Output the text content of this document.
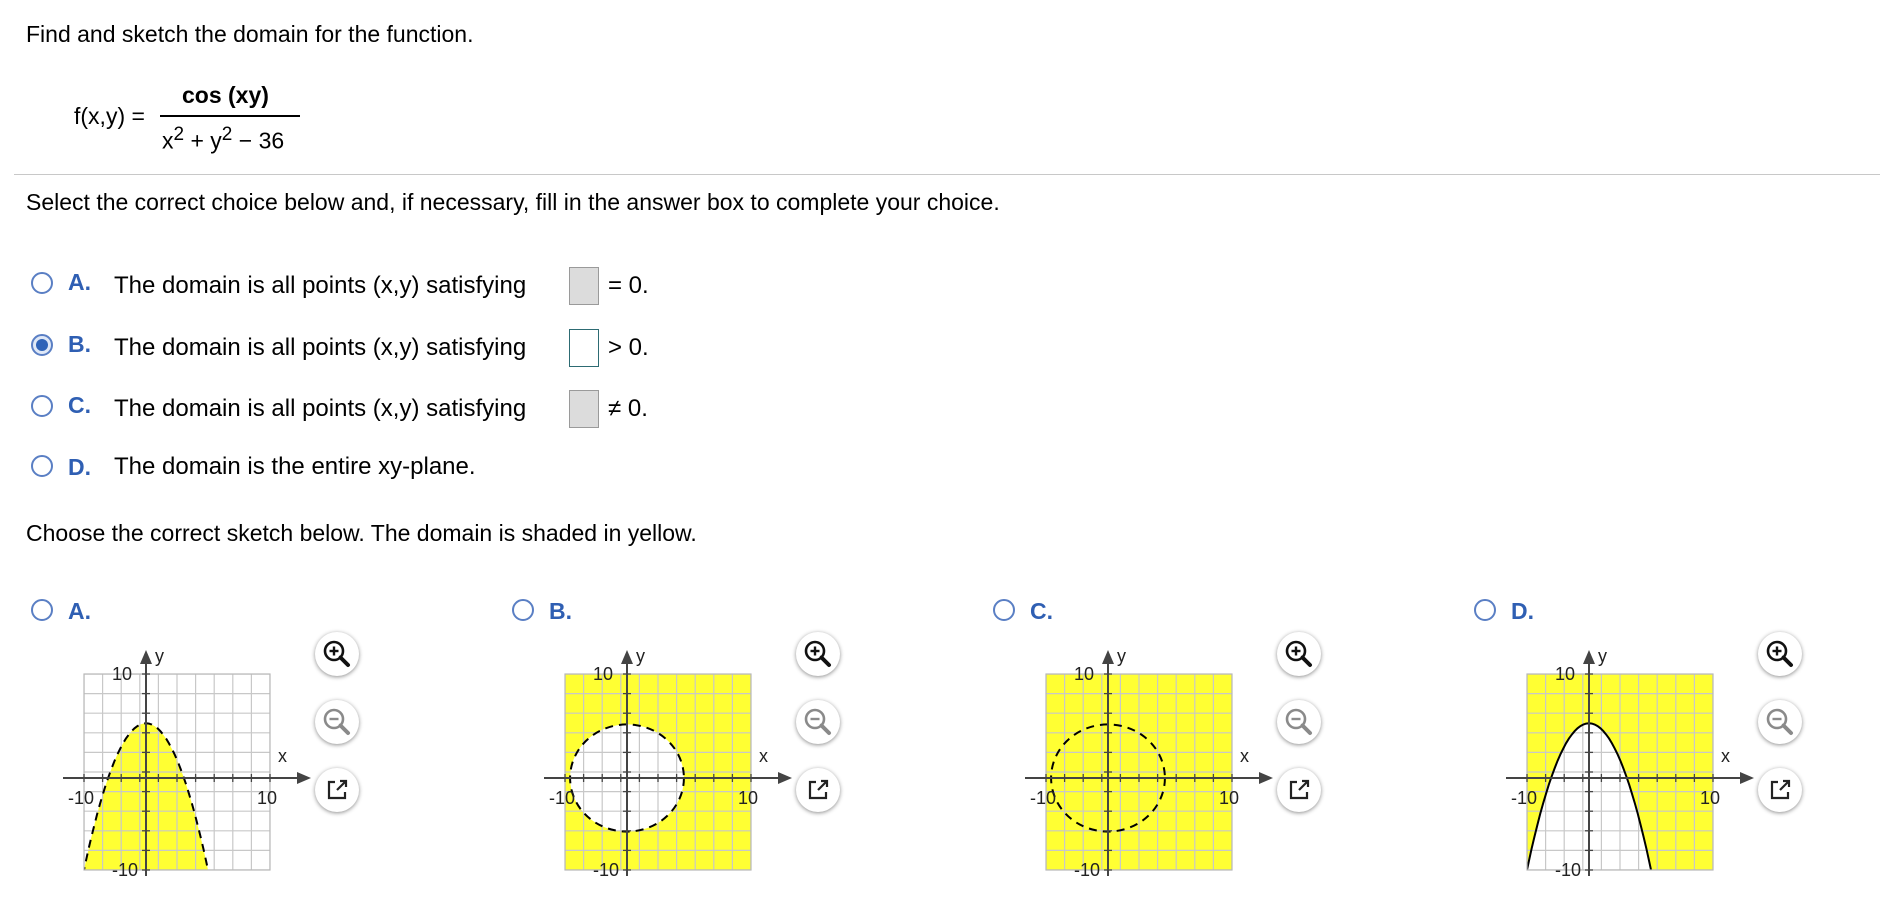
Find and sketch the domain for the function.
f(x,y) =
cos (xy)
$x^2 + y^2 - 36$
Select the correct choice below and, if necessary, fill in the answer box to complete your choice.
A. The domain is all points (x,y) satisfying	= 0.
B. The domain is all points (x,y) satisfying	> 0.
C. The domain is all points (x,y) satisfying	≠ 0.
D. The domain is the entire xy-plane.
Choose the correct sketch below. The domain is shaded in yellow.
A.
y
x
10
-10
-10	10
B.
y
x
10
-10
-10	10
C.
y
x
10
-10
-10	10
D.
y
x
10
-10
-10	10
